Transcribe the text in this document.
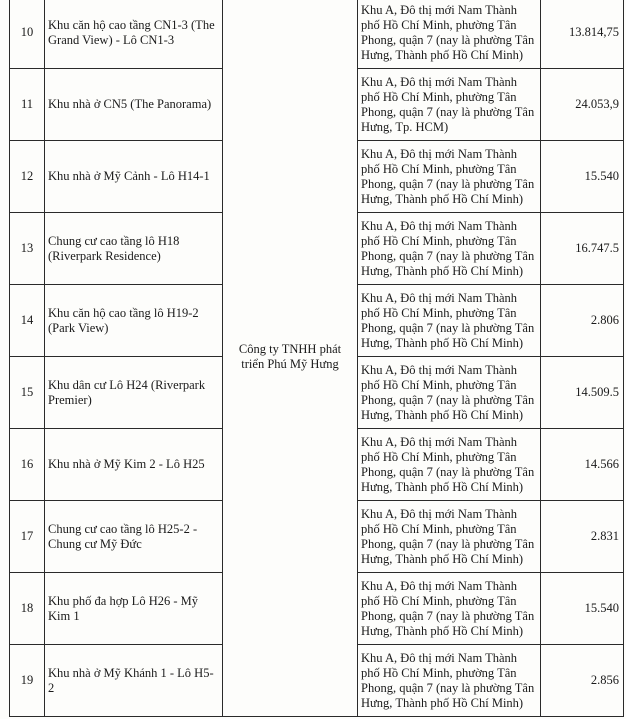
10	Khu căn hộ cao tầng CN1-3 (The Grand View) - Lô CN1-3	Công ty TNHH phát triển Phú Mỹ Hưng	Khu A, Đô thị mới Nam Thành phố Hồ Chí Minh, phường Tân Phong, quận 7 (nay là phường Tân Hưng, Thành phố Hồ Chí Minh)	13.814,75
11	Khu nhà ở CN5 (The Panorama)		Khu A, Đô thị mới Nam Thành phố Hồ Chí Minh, phường Tân Phong, quận 7 (nay là phường Tân Hưng, Tp. HCM)	24.053,9
12	Khu nhà ở Mỹ Cảnh - Lô H14-1		Khu A, Đô thị mới Nam Thành phố Hồ Chí Minh, phường Tân Phong, quận 7 (nay là phường Tân Hưng, Thành phố Hồ Chí Minh)	15.540
13	Chung cư cao tầng lô H18 (Riverpark Residence)		Khu A, Đô thị mới Nam Thành phố Hồ Chí Minh, phường Tân Phong, quận 7 (nay là phường Tân Hưng, Thành phố Hồ Chí Minh)	16.747.5
14	Khu căn hộ cao tầng lô H19-2 (Park View)		Khu A, Đô thị mới Nam Thành phố Hồ Chí Minh, phường Tân Phong, quận 7 (nay là phường Tân Hưng, Thành phố Hồ Chí Minh)	2.806
15	Khu dân cư Lô H24 (Riverpark Premier)		Khu A, Đô thị mới Nam Thành phố Hồ Chí Minh, phường Tân Phong, quận 7 (nay là phường Tân Hưng, Thành phố Hồ Chí Minh)	14.509.5
16	Khu nhà ở Mỹ Kim 2 - Lô H25		Khu A, Đô thị mới Nam Thành phố Hồ Chí Minh, phường Tân Phong, quận 7 (nay là phường Tân Hưng, Thành phố Hồ Chí Minh)	14.566
17	Chung cư cao tầng lô H25-2 - Chung cư Mỹ Đức		Khu A, Đô thị mới Nam Thành phố Hồ Chí Minh, phường Tân Phong, quận 7 (nay là phường Tân Hưng, Thành phố Hồ Chí Minh)	2.831
18	Khu phố đa hợp Lô H26 - Mỹ Kim 1		Khu A, Đô thị mới Nam Thành phố Hồ Chí Minh, phường Tân Phong, quận 7 (nay là phường Tân Hưng, Thành phố Hồ Chí Minh)	15.540
19	Khu nhà ở Mỹ Khánh 1 - Lô H5-2		Khu A, Đô thị mới Nam Thành phố Hồ Chí Minh, phường Tân Phong, quận 7 (nay là phường Tân Hưng, Thành phố Hồ Chí Minh)	2.856
